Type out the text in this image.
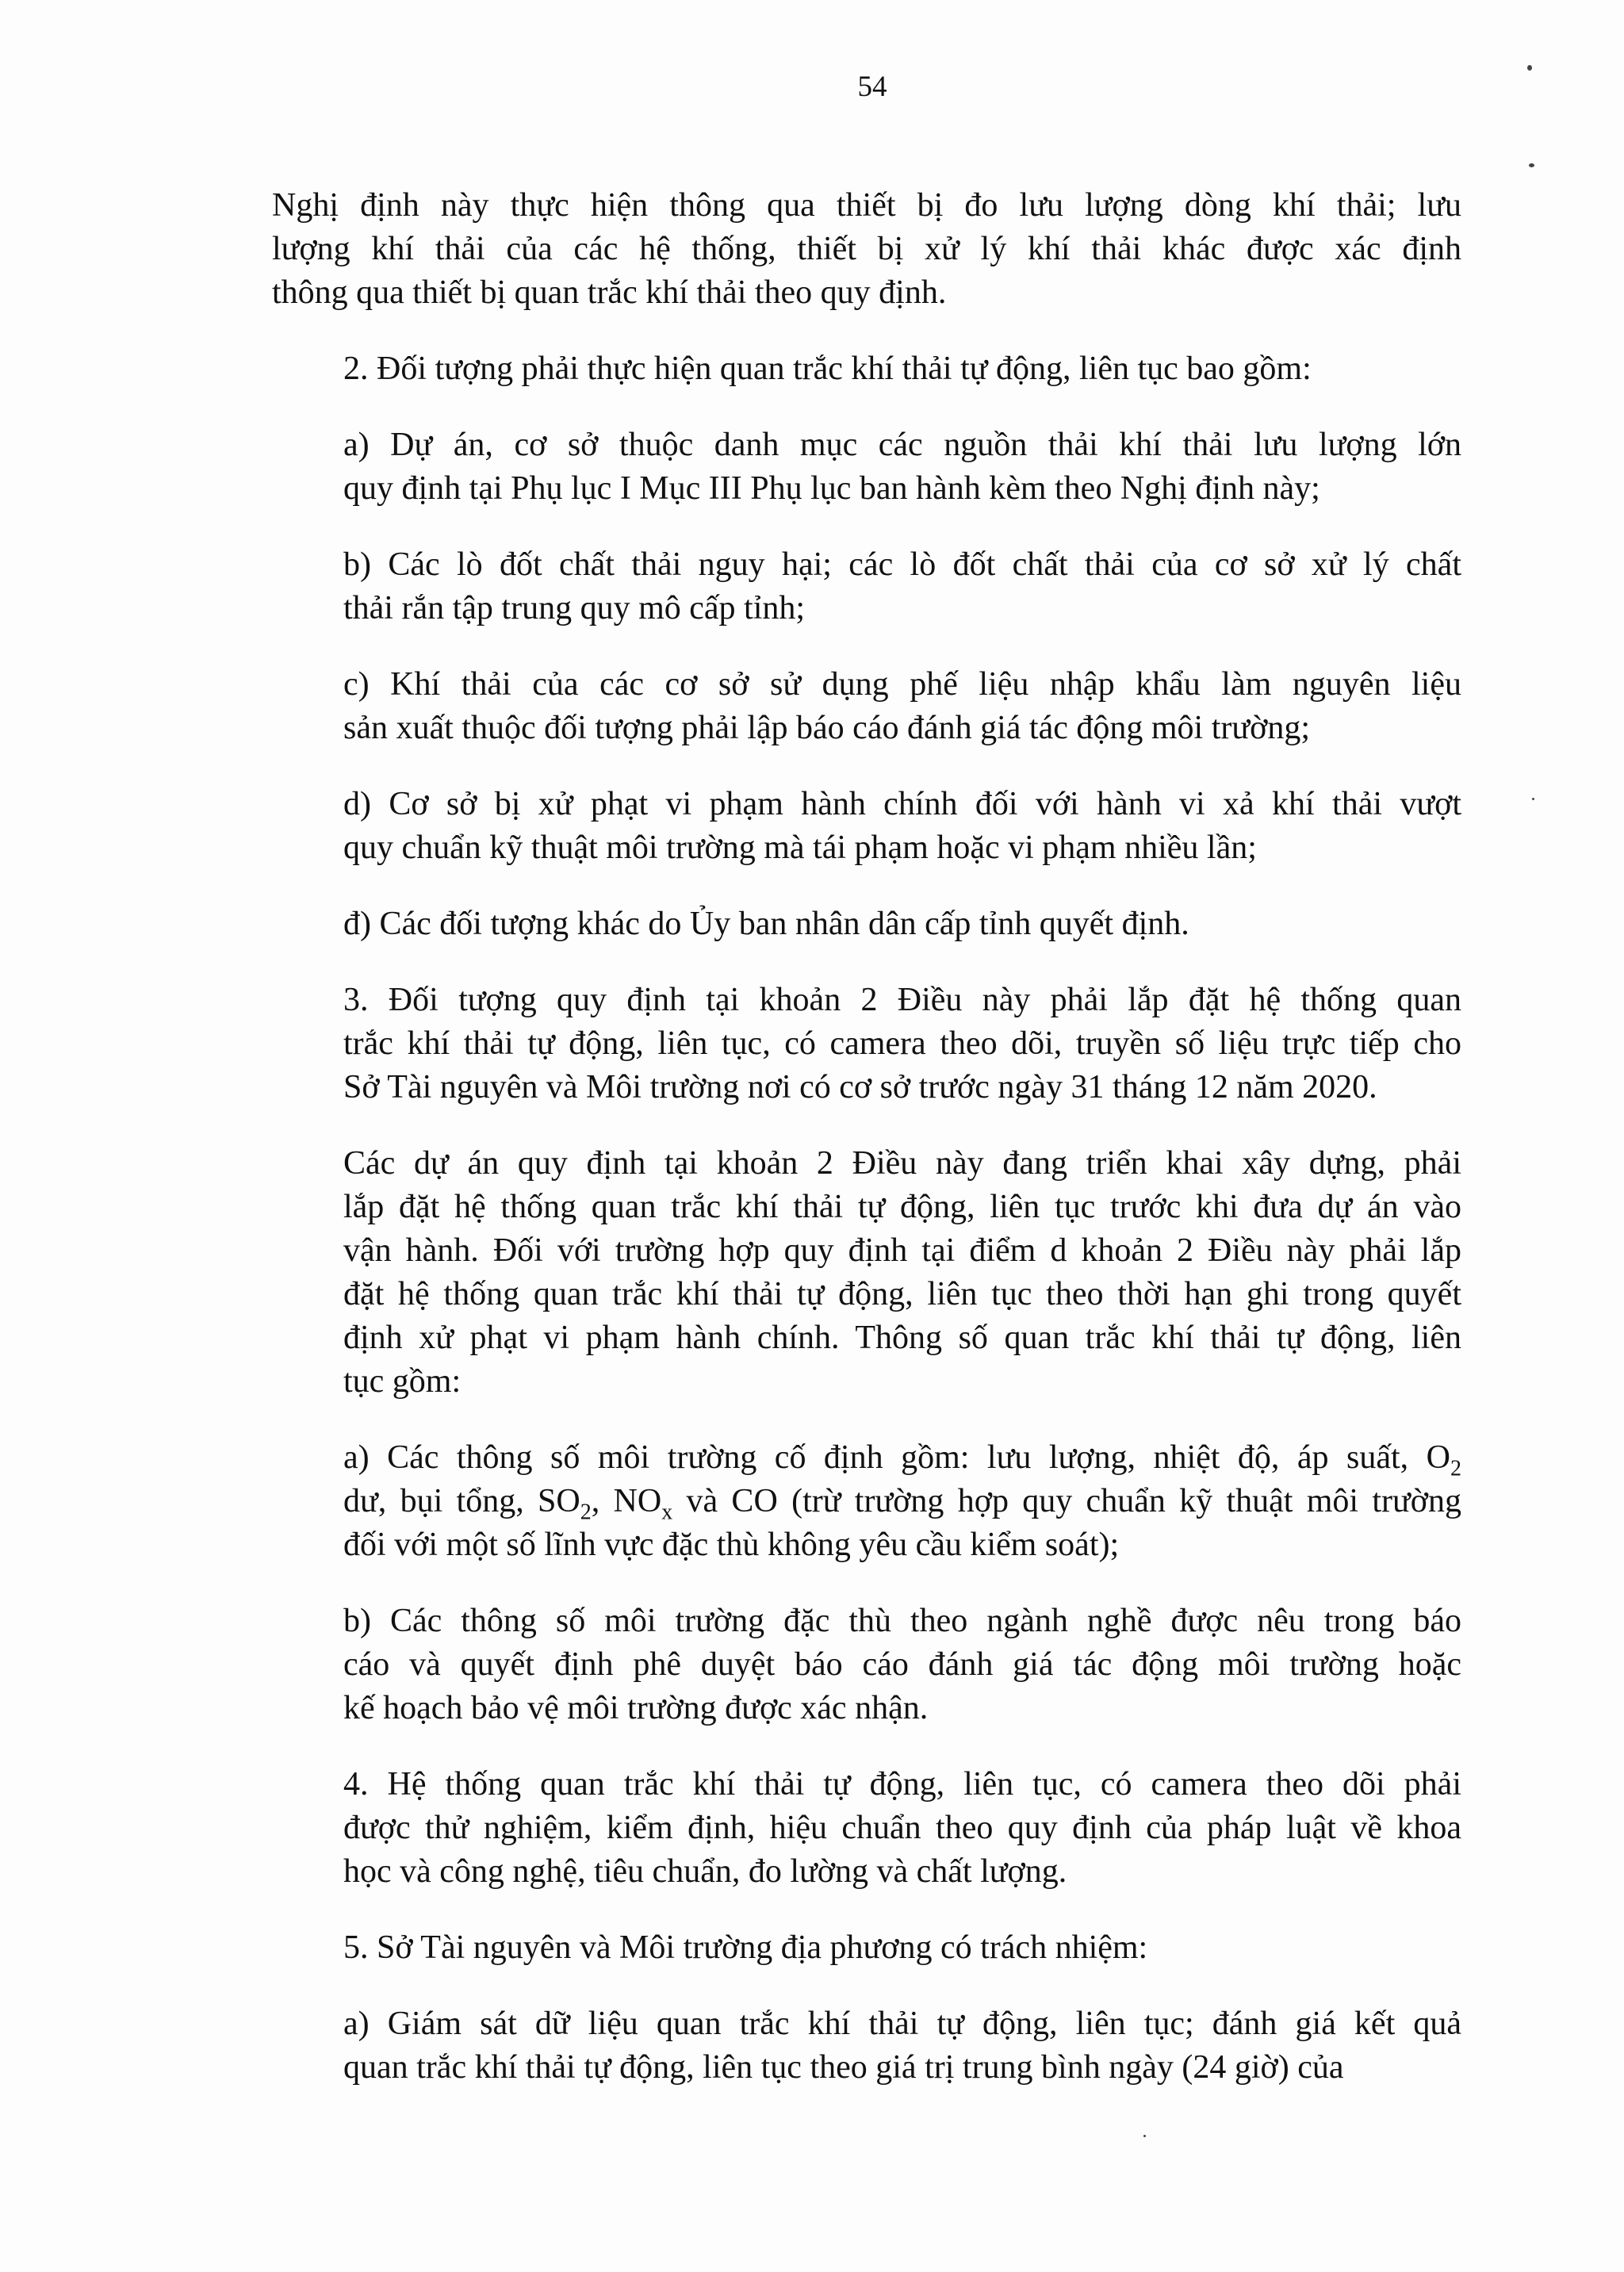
54
Nghị định này thực hiện thông qua thiết bị đo lưu lượng dòng khí thải; lưu
lượng khí thải của các hệ thống, thiết bị xử lý khí thải khác được xác định
thông qua thiết bị quan trắc khí thải theo quy định.
2. Đối tượng phải thực hiện quan trắc khí thải tự động, liên tục bao gồm:
a) Dự án, cơ sở thuộc danh mục các nguồn thải khí thải lưu lượng lớn
quy định tại Phụ lục I Mục III Phụ lục ban hành kèm theo Nghị định này;
b) Các lò đốt chất thải nguy hại; các lò đốt chất thải của cơ sở xử lý chất
thải rắn tập trung quy mô cấp tỉnh;
c) Khí thải của các cơ sở sử dụng phế liệu nhập khẩu làm nguyên liệu
sản xuất thuộc đối tượng phải lập báo cáo đánh giá tác động môi trường;
d) Cơ sở bị xử phạt vi phạm hành chính đối với hành vi xả khí thải vượt
quy chuẩn kỹ thuật môi trường mà tái phạm hoặc vi phạm nhiều lần;
đ) Các đối tượng khác do Ủy ban nhân dân cấp tỉnh quyết định.
3. Đối tượng quy định tại khoản 2 Điều này phải lắp đặt hệ thống quan
trắc khí thải tự động, liên tục, có camera theo dõi, truyền số liệu trực tiếp cho
Sở Tài nguyên và Môi trường nơi có cơ sở trước ngày 31 tháng 12 năm 2020.
Các dự án quy định tại khoản 2 Điều này đang triển khai xây dựng, phải
lắp đặt hệ thống quan trắc khí thải tự động, liên tục trước khi đưa dự án vào
vận hành. Đối với trường hợp quy định tại điểm d khoản 2 Điều này phải lắp
đặt hệ thống quan trắc khí thải tự động, liên tục theo thời hạn ghi trong quyết
định xử phạt vi phạm hành chính. Thông số quan trắc khí thải tự động, liên
tục gồm:
a) Các thông số môi trường cố định gồm: lưu lượng, nhiệt độ, áp suất, $O_2$
dư, bụi tổng, $SO_2$, $NO_x$ và CO (trừ trường hợp quy chuẩn kỹ thuật môi trường
đối với một số lĩnh vực đặc thù không yêu cầu kiểm soát);
b) Các thông số môi trường đặc thù theo ngành nghề được nêu trong báo
cáo và quyết định phê duyệt báo cáo đánh giá tác động môi trường hoặc
kế hoạch bảo vệ môi trường được xác nhận.
4. Hệ thống quan trắc khí thải tự động, liên tục, có camera theo dõi phải
được thử nghiệm, kiểm định, hiệu chuẩn theo quy định của pháp luật về khoa
học và công nghệ, tiêu chuẩn, đo lường và chất lượng.
5. Sở Tài nguyên và Môi trường địa phương có trách nhiệm:
a) Giám sát dữ liệu quan trắc khí thải tự động, liên tục; đánh giá kết quả
quan trắc khí thải tự động, liên tục theo giá trị trung bình ngày (24 giờ) của
